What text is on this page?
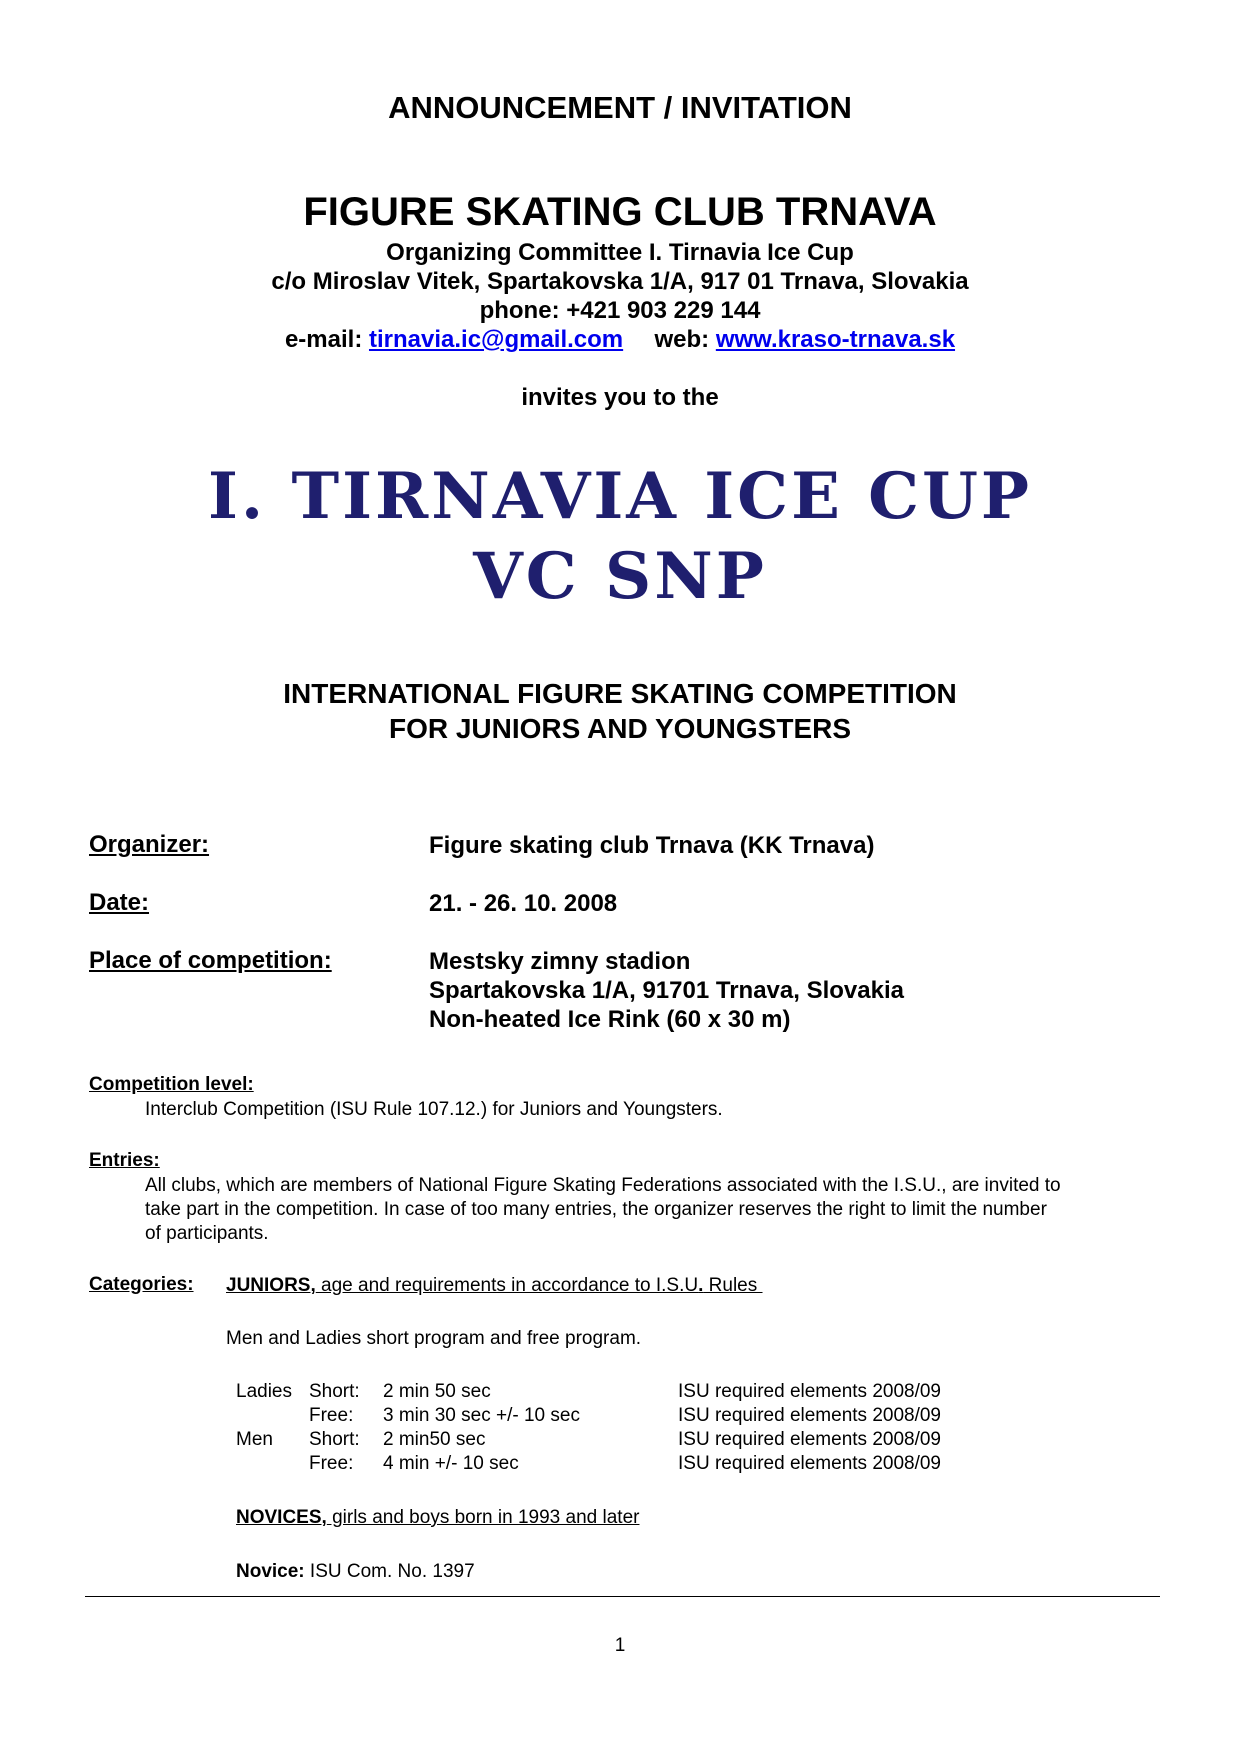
ANNOUNCEMENT / INVITATION
FIGURE SKATING CLUB TRNAVA
Organizing Committee I. Tirnavia Ice Cup
c/o Miroslav Vitek, Spartakovska 1/A, 917 01 Trnava, Slovakia
phone: +421 903 229 144
e-mail: tirnavia.ic@gmail.com web: www.kraso-trnava.sk
invites you to the
I. TIRNAVIA ICE CUP
VC SNP
INTERNATIONAL FIGURE SKATING COMPETITION
FOR JUNIORS AND YOUNGSTERS
Organizer:	Figure skating club Trnava (KK Trnava)
Date:	21. - 26. 10. 2008
Place of competition:	Mestsky zimny stadion
Spartakovska 1/A, 91701 Trnava, Slovakia
Non-heated Ice Rink (60 x 30 m)
Competition level:
Interclub Competition (ISU Rule 107.12.) for Juniors and Youngsters.
Entries:
All clubs, which are members of National Figure Skating Federations associated with the I.S.U., are invited to
take part in the competition. In case of too many entries, the organizer reserves the right to limit the number
of participants.
Categories: JUNIORS, age and requirements in accordance to I.S.U. Rules
Men and Ladies short program and free program.
Ladies Short: 2 min 50 sec	ISU required elements 2008/09
Free: 3 min 30 sec +/- 10 sec	ISU required elements 2008/09
Men Short: 2 min50 sec	ISU required elements 2008/09
Free: 4 min +/- 10 sec	ISU required elements 2008/09
NOVICES, girls and boys born in 1993 and later
Novice: ISU Com. No. 1397
1
